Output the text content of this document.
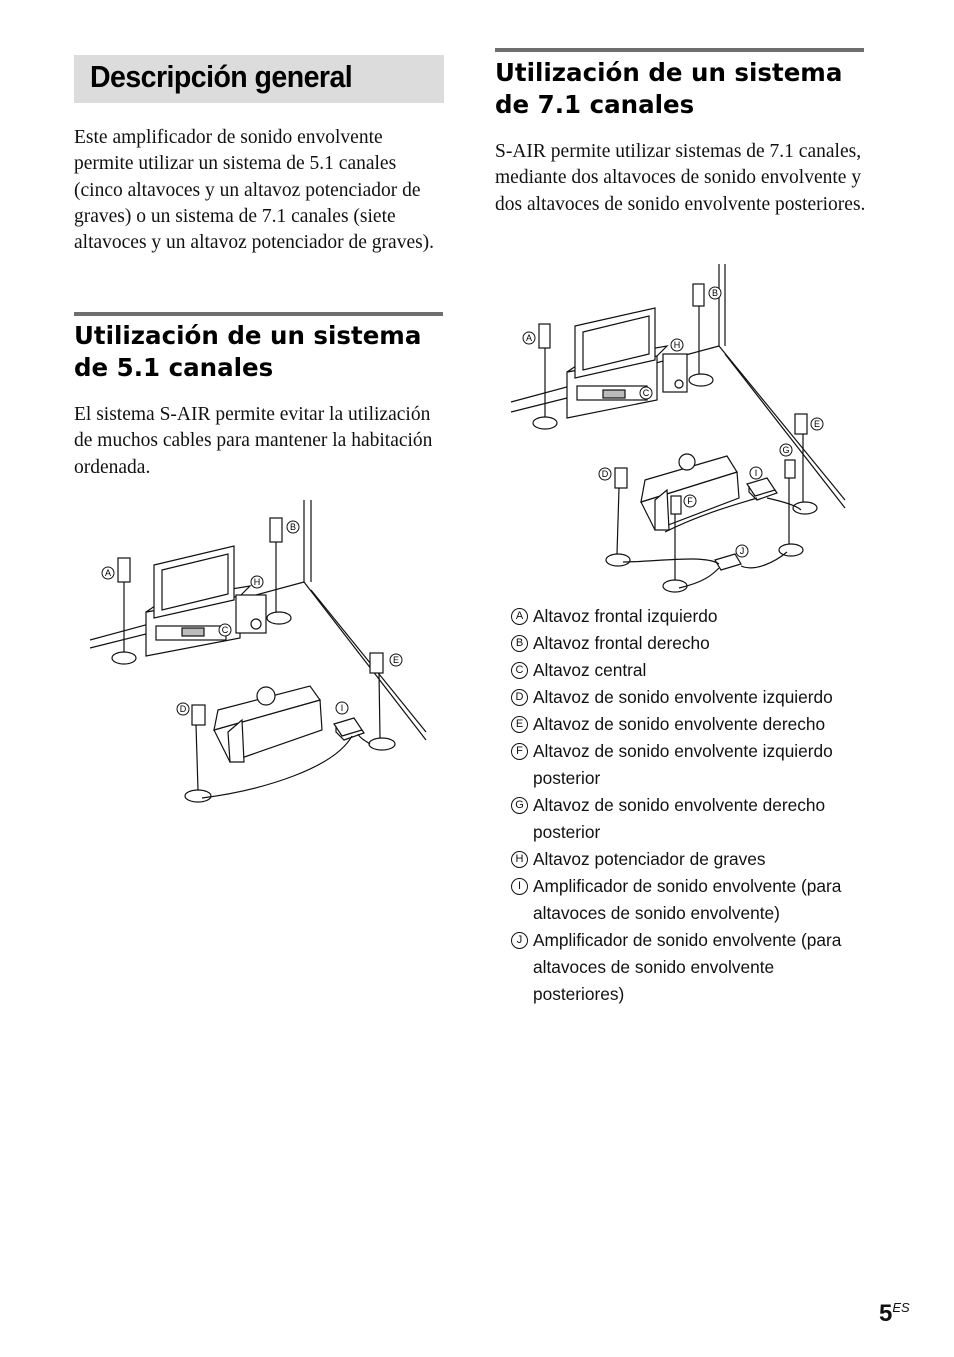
Descripción general

Este amplificador de sonido envolvente permite utilizar un sistema de 5.1 canales (cinco altavoces y un altavoz potenciador de graves) o un sistema de 7.1 canales (siete altavoces y un altavoz potenciador de graves).

Utilización de un sistema de 5.1 canales

El sistema S-AIR permite evitar la utilización de muchos cables para mantener la habitación ordenada.

A
B
C
D
E
H
I
Utilización de un sistema de 7.1 canales

S-AIR permite utilizar sistemas de 7.1 canales, mediante dos altavoces de sonido envolvente y dos altavoces de sonido envolvente posteriores.

A
B
C
D
E
F
G
H
I
J
A Altavoz frontal izquierdo
B Altavoz frontal derecho
C Altavoz central
D Altavoz de sonido envolvente izquierdo
E Altavoz de sonido envolvente derecho
F Altavoz de sonido envolvente izquierdo posterior
G Altavoz de sonido envolvente derecho posterior
H Altavoz potenciador de graves
I Amplificador de sonido envolvente (para altavoces de sonido envolvente)
J Amplificador de sonido envolvente (para altavoces de sonido envolvente posteriores)
$5^{ES}$
